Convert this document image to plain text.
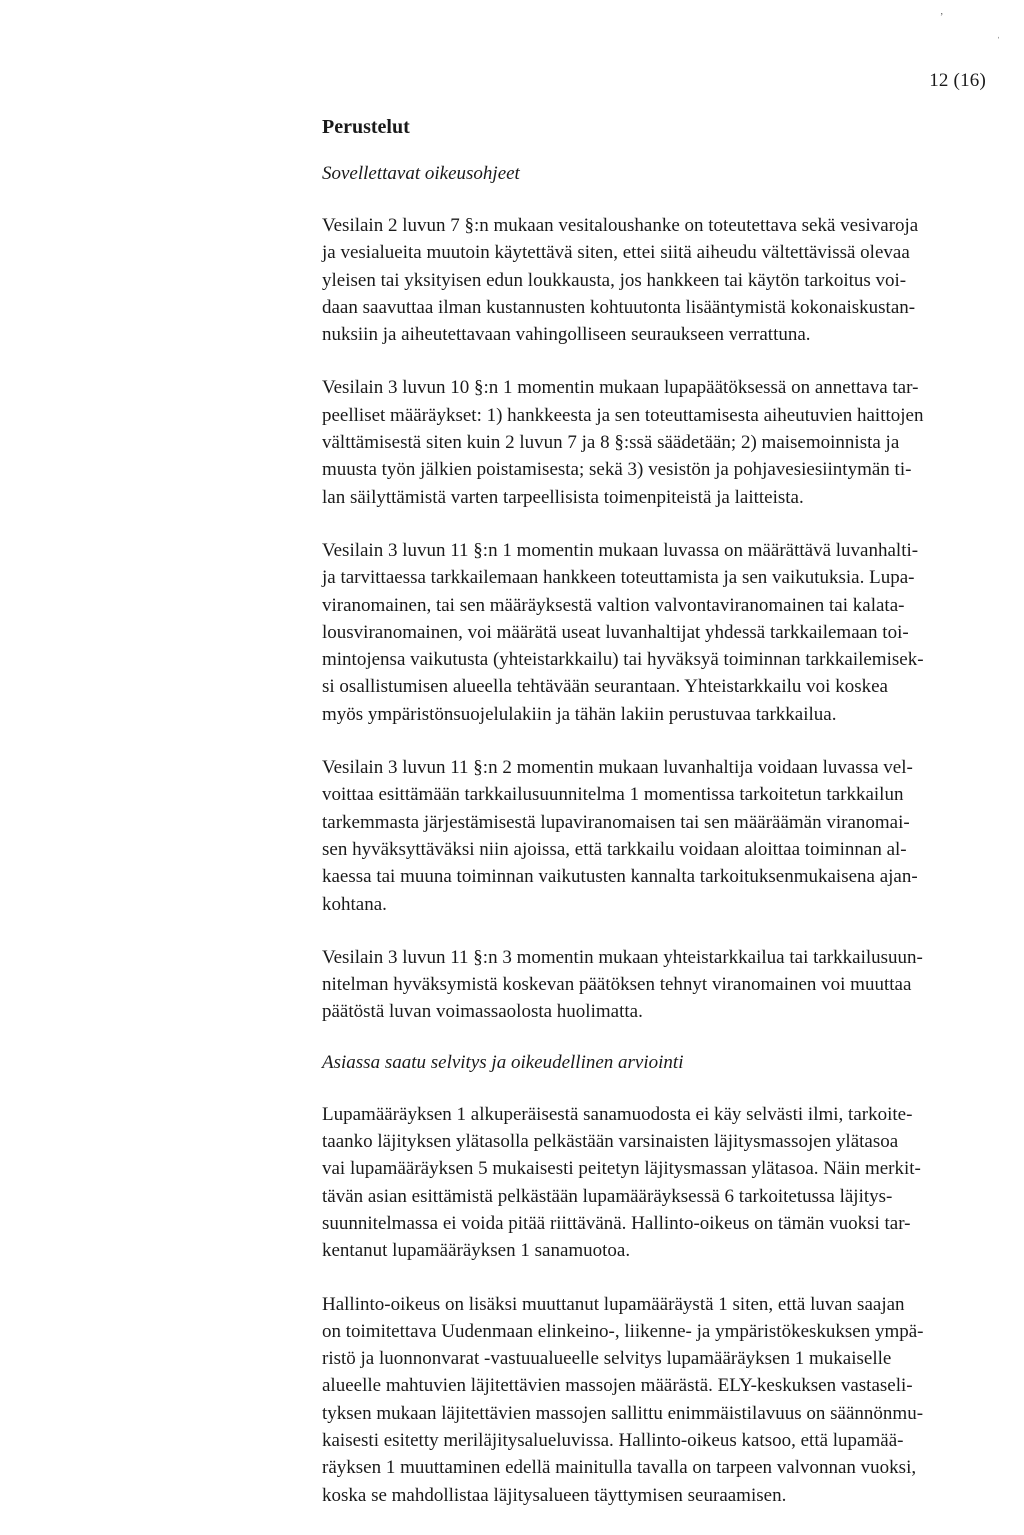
ʼ
ˈ
12 (16)
Perustelut
Sovellettavat oikeusohjeet
Vesilain 2 luvun 7 §:n mukaan vesitaloushanke on toteutettava sekä vesivaroja
ja vesialueita muutoin käytettävä siten, ettei siitä aiheudu vältettävissä olevaa
yleisen tai yksityisen edun loukkausta, jos hankkeen tai käytön tarkoitus voi-
daan saavuttaa ilman kustannusten kohtuutonta lisääntymistä kokonaiskustan-
nuksiin ja aiheutettavaan vahingolliseen seuraukseen verrattuna.
Vesilain 3 luvun 10 §:n 1 momentin mukaan lupapäätöksessä on annettava tar-
peelliset määräykset: 1) hankkeesta ja sen toteuttamisesta aiheutuvien haittojen
välttämisestä siten kuin 2 luvun 7 ja 8 §:ssä säädetään; 2) maisemoinnista ja
muusta työn jälkien poistamisesta; sekä 3) vesistön ja pohjavesiesiintymän ti-
lan säilyttämistä varten tarpeellisista toimenpiteistä ja laitteista.
Vesilain 3 luvun 11 §:n 1 momentin mukaan luvassa on määrättävä luvanhalti-
ja tarvittaessa tarkkailemaan hankkeen toteuttamista ja sen vaikutuksia. Lupa-
viranomainen, tai sen määräyksestä valtion valvontaviranomainen tai kalata-
lousviranomainen, voi määrätä useat luvanhaltijat yhdessä tarkkailemaan toi-
mintojensa vaikutusta (yhteistarkkailu) tai hyväksyä toiminnan tarkkailemisek-
si osallistumisen alueella tehtävään seurantaan. Yhteistarkkailu voi koskea
myös ympäristönsuojelulakiin ja tähän lakiin perustuvaa tarkkailua.
Vesilain 3 luvun 11 §:n 2 momentin mukaan luvanhaltija voidaan luvassa vel-
voittaa esittämään tarkkailusuunnitelma 1 momentissa tarkoitetun tarkkailun
tarkemmasta järjestämisestä lupaviranomaisen tai sen määräämän viranomai-
sen hyväksyttäväksi niin ajoissa, että tarkkailu voidaan aloittaa toiminnan al-
kaessa tai muuna toiminnan vaikutusten kannalta tarkoituksenmukaisena ajan-
kohtana.
Vesilain 3 luvun 11 §:n 3 momentin mukaan yhteistarkkailua tai tarkkailusuun-
nitelman hyväksymistä koskevan päätöksen tehnyt viranomainen voi muuttaa
päätöstä luvan voimassaolosta huolimatta.
Asiassa saatu selvitys ja oikeudellinen arviointi
Lupamääräyksen 1 alkuperäisestä sanamuodosta ei käy selvästi ilmi, tarkoite-
taanko läjityksen ylätasolla pelkästään varsinaisten läjitysmassojen ylätasoa
vai lupamääräyksen 5 mukaisesti peitetyn läjitysmassan ylätasoa. Näin merkit-
tävän asian esittämistä pelkästään lupamääräyksessä 6 tarkoitetussa läjitys-
suunnitelmassa ei voida pitää riittävänä. Hallinto-oikeus on tämän vuoksi tar-
kentanut lupamääräyksen 1 sanamuotoa.
Hallinto-oikeus on lisäksi muuttanut lupamääräystä 1 siten, että luvan saajan
on toimitettava Uudenmaan elinkeino-, liikenne- ja ympäristökeskuksen ympä-
ristö ja luonnonvarat -vastuualueelle selvitys lupamääräyksen 1 mukaiselle
alueelle mahtuvien läjitettävien massojen määrästä. ELY-keskuksen vastaseli-
tyksen mukaan läjitettävien massojen sallittu enimmäistilavuus on säännönmu-
kaisesti esitetty meriläjitysalueluvissa. Hallinto-oikeus katsoo, että lupamää-
räyksen 1 muuttaminen edellä mainitulla tavalla on tarpeen valvonnan vuoksi,
koska se mahdollistaa läjitysalueen täyttymisen seuraamisen.
